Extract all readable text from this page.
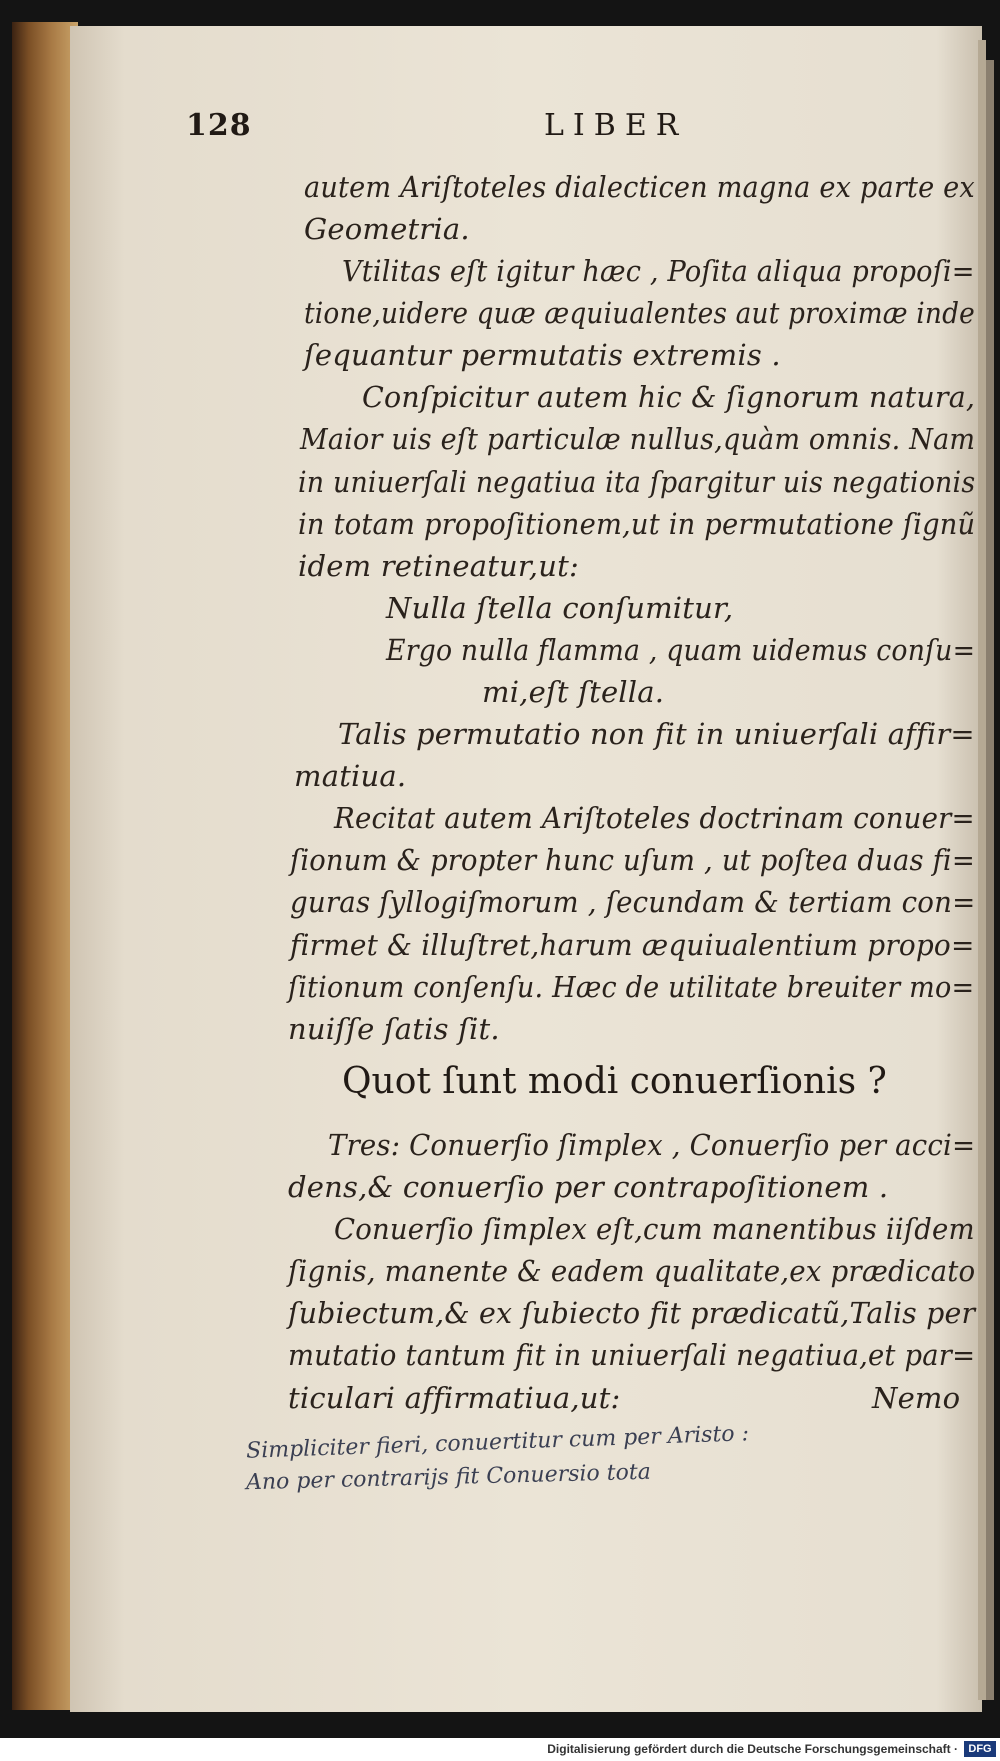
128	LIBER
autem Ariſtoteles dialecticen magna ex parte ex
Geometria.
Vtilitas eſt igitur hæc , Poſita aliqua propoſi=
tione,uidere quæ æquiualentes aut proximæ inde
ſequantur permutatis extremis .
Conſpicitur autem hic & ſignorum natura,
Maior uis eſt particulæ nullus,quàm omnis. Nam
in uniuerſali negatiua ita ſpargitur uis negationis
in totam propoſitionem,ut in permutatione ſignũ
idem retineatur,ut:
Nulla ſtella conſumitur,
Ergo nulla flamma , quam uidemus conſu=
mi,eſt ſtella.
Talis permutatio non fit in uniuerſali affir=
matiua.
Recitat autem Ariſtoteles doctrinam conuer=
ſionum & propter hunc uſum , ut poſtea duas fi=
guras ſyllogiſmorum , ſecundam & tertiam con=
firmet & illuſtret,harum æquiualentium propo=
ſitionum conſenſu. Hæc de utilitate breuiter mo=
nuiſſe ſatis ſit.
Quot ſunt modi conuerſionis ?
Tres: Conuerſio ſimplex , Conuerſio per acci=
dens,& conuerſio per contrapoſitionem .
Conuerſio ſimplex eſt,cum manentibus iiſdem
ſignis, manente & eadem qualitate,ex prædicato
ſubiectum,& ex ſubiecto fit prædicatũ,Talis per
mutatio tantum fit in uniuerſali negatiua,et par=
ticulari affirmatiua,ut:	Nemo
Simpliciter fieri, conuertitur cum per Aristo :
Ano per contrarijs fit Conuersio tota
Digitalisierung gefördert durch die Deutsche Forschungsgemeinschaft · DFG
